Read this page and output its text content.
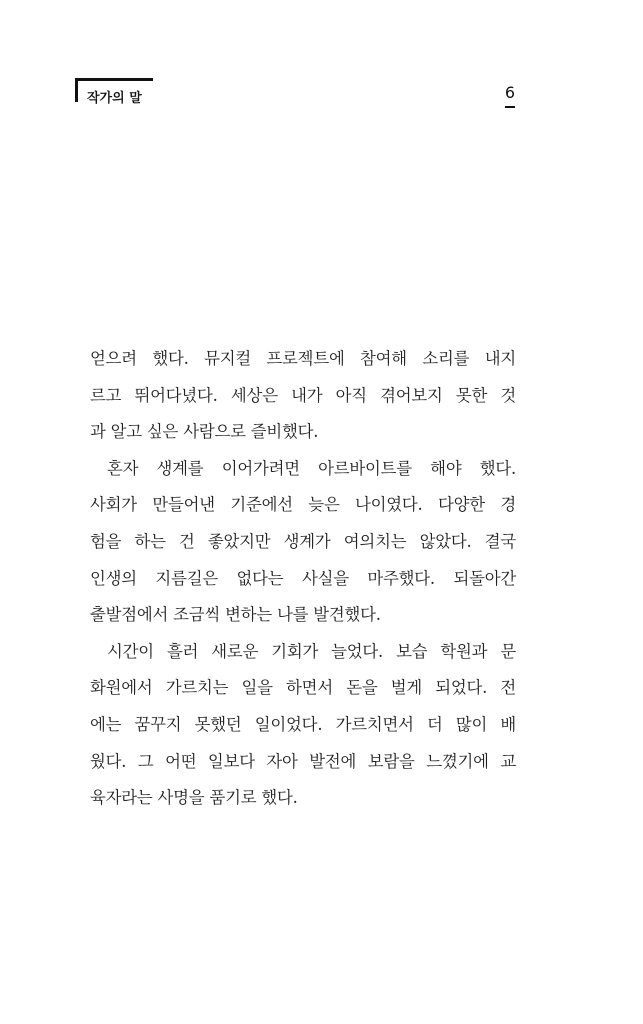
작가의 말	6
얻으려 했다. 뮤지컬 프로젝트에 참여해 소리를 내지
르고 뛰어다녔다. 세상은 내가 아직 겪어보지 못한 것
과 알고 싶은 사람으로 즐비했다.
혼자 생계를 이어가려면 아르바이트를 해야 했다.
사회가 만들어낸 기준에선 늦은 나이였다. 다양한 경
험을 하는 건 좋았지만 생계가 여의치는 않았다. 결국
인생의 지름길은 없다는 사실을 마주했다. 되돌아간
출발점에서 조금씩 변하는 나를 발견했다.
시간이 흘러 새로운 기회가 늘었다. 보습 학원과 문
화원에서 가르치는 일을 하면서 돈을 벌게 되었다. 전
에는 꿈꾸지 못했던 일이었다. 가르치면서 더 많이 배
웠다. 그 어떤 일보다 자아 발전에 보람을 느꼈기에 교
육자라는 사명을 품기로 했다.
